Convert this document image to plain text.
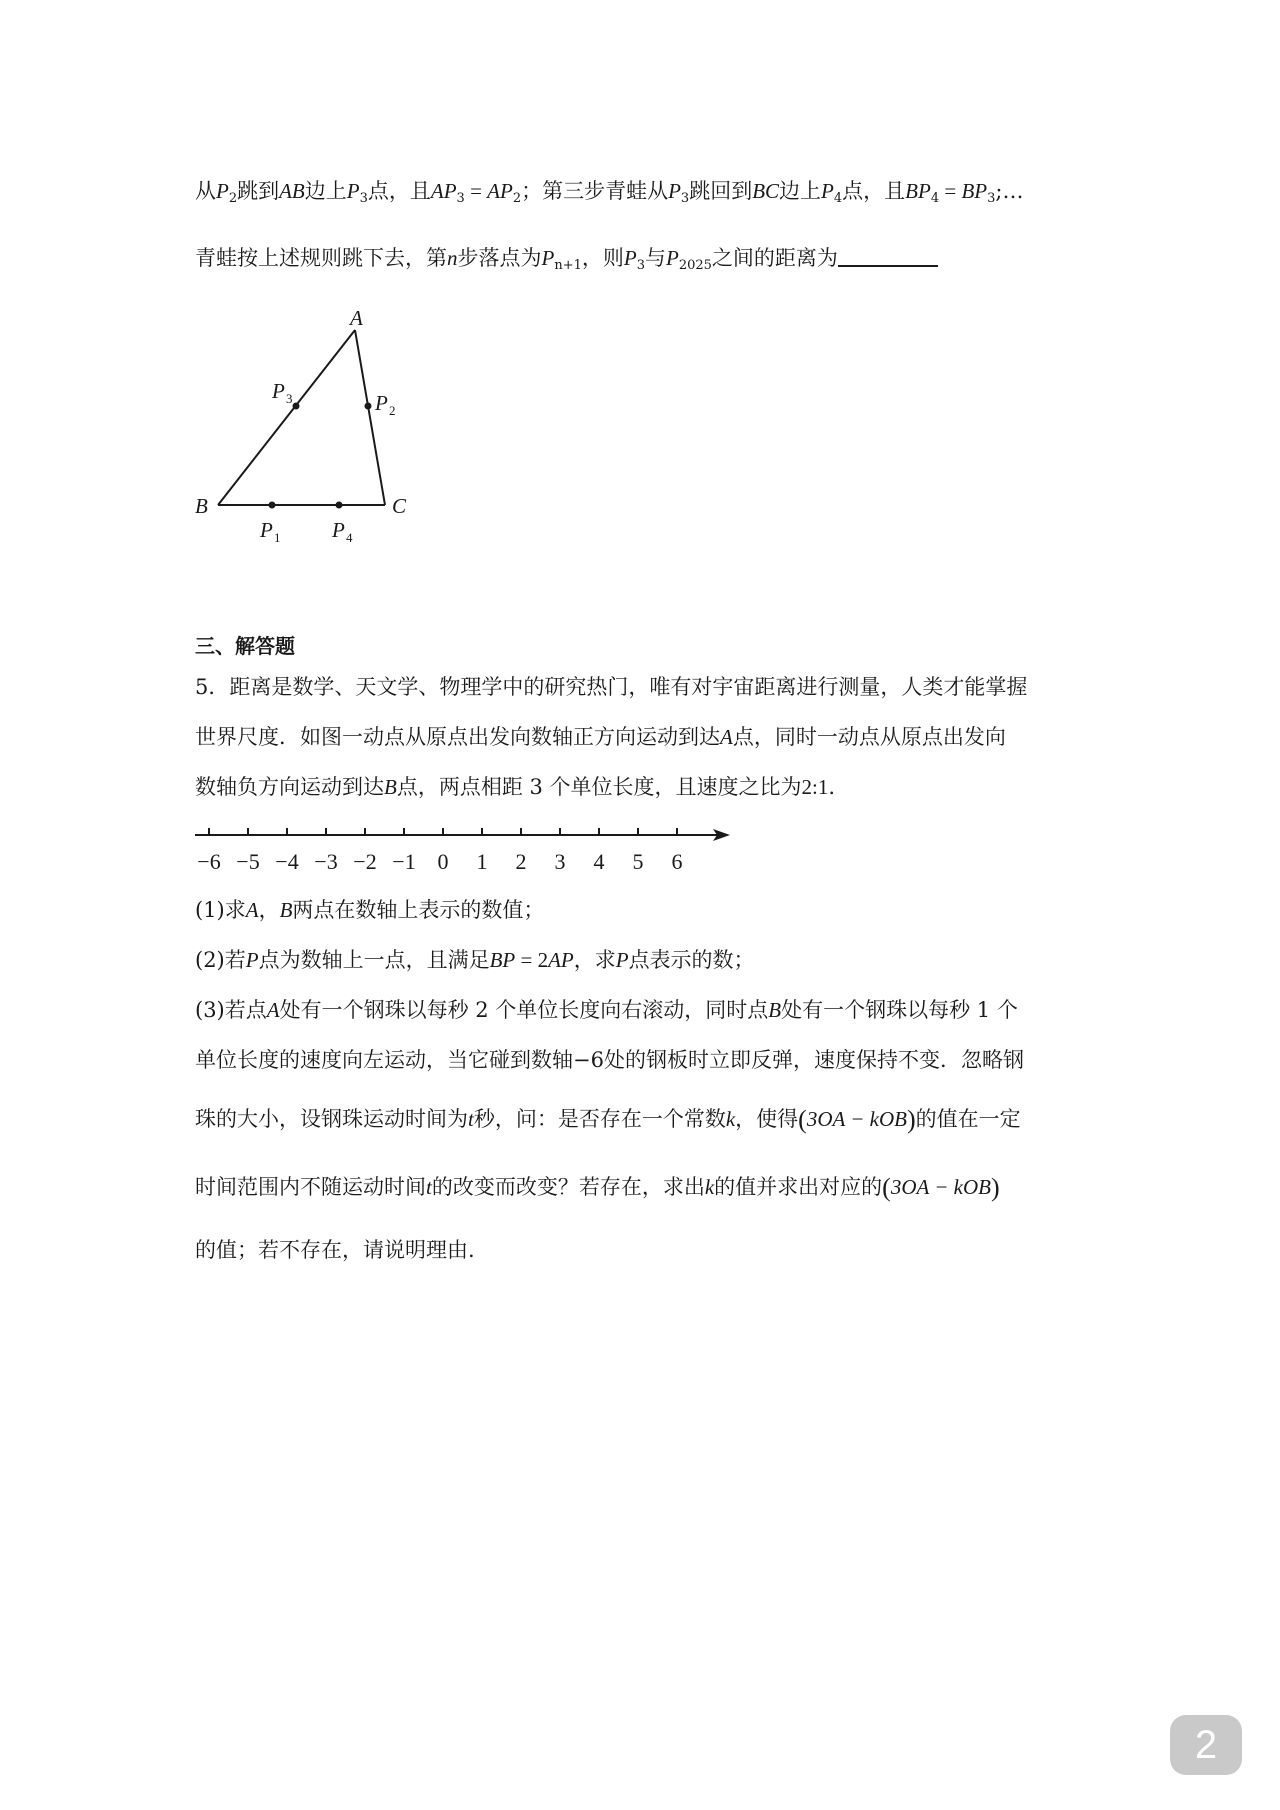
从$P_2$跳到AB边上$P_3$点，且$AP_3 = AP_2$；第三步青蛙从$P_3$跳回到BC边上$P_4$点，且$BP_4$ = $BP_3;\dots$
青蛙按上述规则跳下去，第n步落点为$P_{n+1}$，则$P_3$与$P_{2025}$之间的距离为
A
B	C
P	P
P	P
3
2
1	4
三、解答题
5．距离是数学、天文学、物理学中的研究热门，唯有对宇宙距离进行测量，人类才能掌握
世界尺度．如图一动点从原点出发向数轴正方向运动到达A点，同时一动点从原点出发向
数轴负方向运动到达B点，两点相距 3 个单位长度，且速度之比为2:1.
−6 −5 −4 −3 −2 −1 0 1 2 3 4 5 6
(1)求A，B两点在数轴上表示的数值；
(2)若P点为数轴上一点，且满足BP = 2AP，求P点表示的数；
(3)若点A处有一个钢珠以每秒 2 个单位长度向右滚动，同时点B处有一个钢珠以每秒 1 个
单位长度的速度向左运动，当它碰到数轴−6处的钢板时立即反弹，速度保持不变．忽略钢
珠的大小，设钢珠运动时间为t秒，问：是否存在一个常数k，使得(3OA − kOB)的值在一定
时间范围内不随运动时间t的改变而改变？若存在，求出k的值并求出对应的(3OA − kOB)
的值；若不存在，请说明理由.
2
